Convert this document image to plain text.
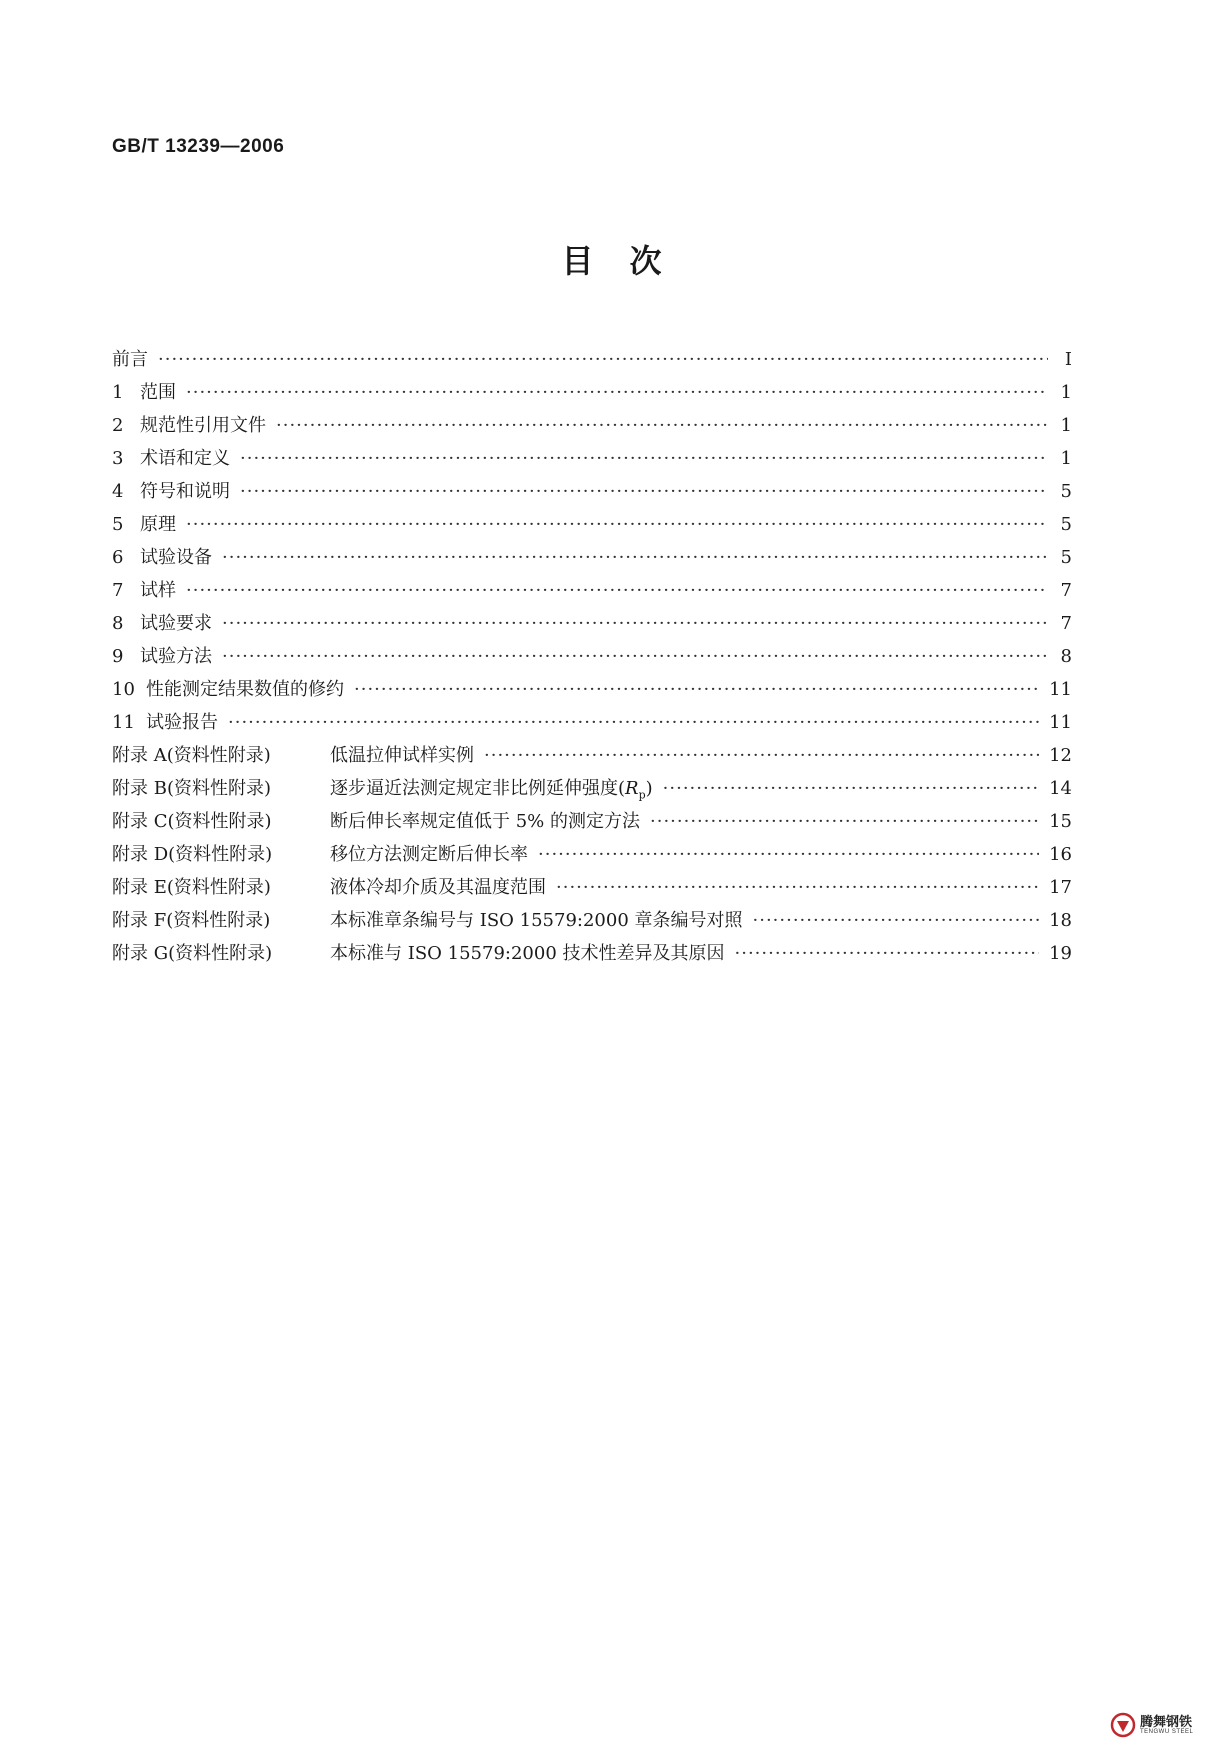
GB/T 13239—2006
目　次
前言 ·····	I
1 范围 ·····	1
2 规范性引用文件 ·····	1
3 术语和定义 ·····	1
4 符号和说明 ·····	5
5 原理 ·····	5
6 试验设备 ·····	5
7 试样 ·····	7
8 试验要求 ·····	7
9 试验方法 ·····	8
10 性能测定结果数值的修约 ·····	11
11 试验报告 ·····	11
附录 A(资料性附录)	低温拉伸试样实例 ·····	12
附录 B(资料性附录)	逐步逼近法测定规定非比例延伸强度$(R_p)$ ·····	14
附录 C(资料性附录)	断后伸长率规定值低于 5% 的测定方法 ·····	15
附录 D(资料性附录)	移位方法测定断后伸长率 ·····	16
附录 E(资料性附录)	液体冷却介质及其温度范围 ·····	17
附录 F(资料性附录)	本标准章条编号与 ISO 15579:2000 章条编号对照 ·····	18
附录 G(资料性附录)	本标准与 ISO 15579:2000 技术性差异及其原因 ·····	19
腾舞钢铁
TENGWU STEEL
